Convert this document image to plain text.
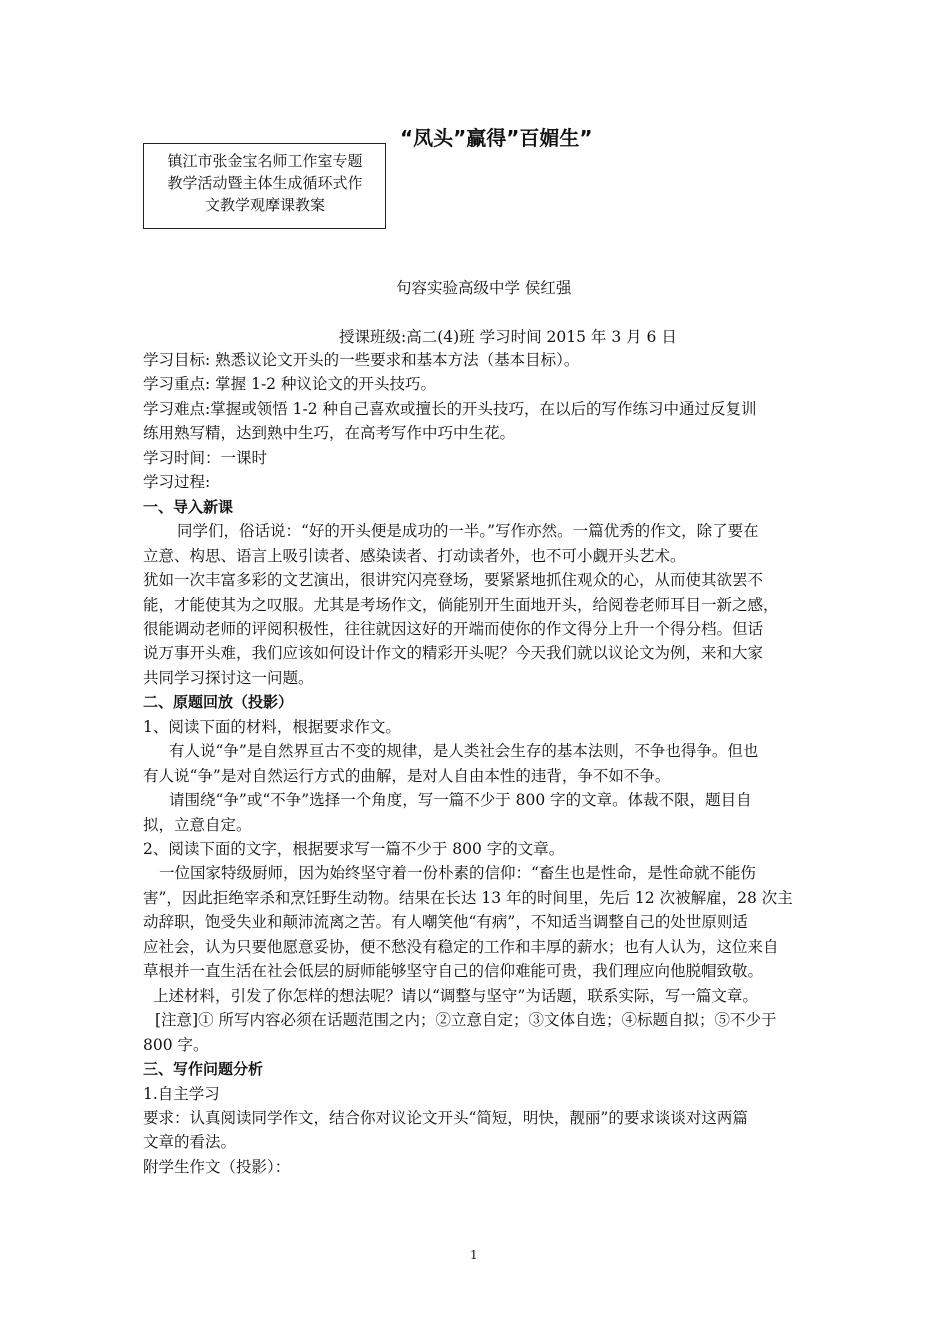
镇江市张金宝名师工作室专题
教学活动暨主体生成循环式作
文教学观摩课教案
“凤头”赢得”百媚生”
句容实验高级中学 侯红强
授课班级:高二(4)班 学习时间 2015 年 3 月 6 日
学习目标: 熟悉议论文开头的一些要求和基本方法（基本目标）。
学习重点: 掌握 1-2 种议论文的开头技巧。
学习难点:掌握或领悟 1-2 种自己喜欢或擅长的开头技巧，在以后的写作练习中通过反复训
练用熟写精，达到熟中生巧，在高考写作中巧中生花。
学习时间：一课时
学习过程:
一、导入新课
同学们，俗话说：“好的开头便是成功的一半。”写作亦然。一篇优秀的作文，除了要在
立意、构思、语言上吸引读者、感染读者、打动读者外，也不可小觑开头艺术。
犹如一次丰富多彩的文艺演出，很讲究闪亮登场，要紧紧地抓住观众的心，从而使其欲罢不
能，才能使其为之叹服。尤其是考场作文，倘能别开生面地开头，给阅卷老师耳目一新之感，
很能调动老师的评阅积极性，往往就因这好的开端而使你的作文得分上升一个得分档。但话
说万事开头难，我们应该如何设计作文的精彩开头呢？今天我们就以议论文为例，来和大家
共同学习探讨这一问题。
二、原题回放（投影）
1、阅读下面的材料，根据要求作文。
有人说“争”是自然界亘古不变的规律，是人类社会生存的基本法则，不争也得争。但也
有人说“争”是对自然运行方式的曲解，是对人自由本性的违背，争不如不争。
请围绕“争”或“不争”选择一个角度，写一篇不少于 800 字的文章。体裁不限，题目自
拟，立意自定。
2、阅读下面的文字，根据要求写一篇不少于 800 字的文章。
一位国家特级厨师，因为始终坚守着一份朴素的信仰：“畜生也是性命，是性命就不能伤
害”，因此拒绝宰杀和烹饪野生动物。结果在长达 13 年的时间里，先后 12 次被解雇，28 次主
动辞职，饱受失业和颠沛流离之苦。有人嘲笑他“有病”，不知适当调整自己的处世原则适
应社会，认为只要他愿意妥协，便不愁没有稳定的工作和丰厚的薪水；也有人认为，这位来自
草根并一直生活在社会低层的厨师能够坚守自己的信仰难能可贵，我们理应向他脱帽致敬。
上述材料，引发了你怎样的想法呢？请以“调整与坚守”为话题，联系实际，写一篇文章。
[注意]① 所写内容必须在话题范围之内；②立意自定；③文体自选；④标题自拟；⑤不少于
800 字。
三、写作问题分析
1.自主学习
要求：认真阅读同学作文，结合你对议论文开头“简短，明快，靓丽”的要求谈谈对这两篇
文章的看法。
附学生作文（投影）：
1
